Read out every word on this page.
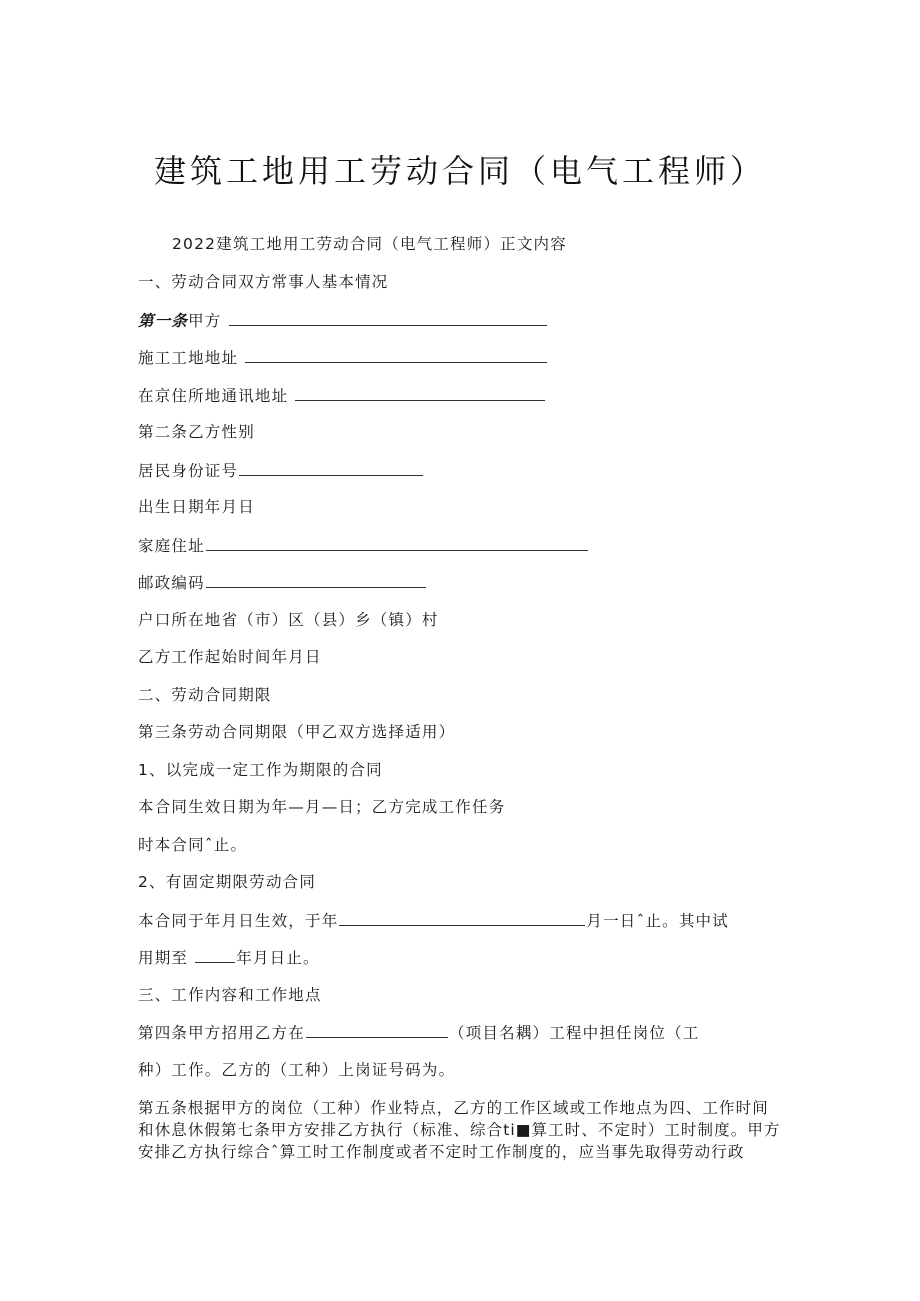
建筑工地用工劳动合同（电气工程师）
2022建筑工地用工劳动合同（电气工程师）正文内容
一、劳动合同双方常事人基本情况
第一条甲方
施工工地地址
在京住所地通讯地址
第二条乙方性别
居民身份证号
出生日期年月日
家庭住址
邮政编码
户口所在地省（市）区（县）乡（镇）村
乙方工作起始时间年月日
二、劳动合同期限
第三条劳动合同期限（甲乙双方选择适用）
1、以完成一定工作为期限的合同
本合同生效日期为年—月—日；乙方完成工作任务
时本合同ˆ止。
2、有固定期限劳动合同
本合同于年月日生效，于年	月一日ˆ止。其中试
用期至	年月日止。
三、工作内容和工作地点
第四条甲方招用乙方在	（项目名耦）工程中担任岗位（工
种）工作。乙方的（工种）上岗证号码为。
第五条根据甲方的岗位（工种）作业特点，乙方的工作区域或工作地点为四、工作时间和休息休假第七条甲方安排乙方执行（标准、综合ti■算工时、不定时）工时制度。甲方安排乙方执行综合ˆ算工时工作制度或者不定时工作制度的，应当事先取得劳动行政
